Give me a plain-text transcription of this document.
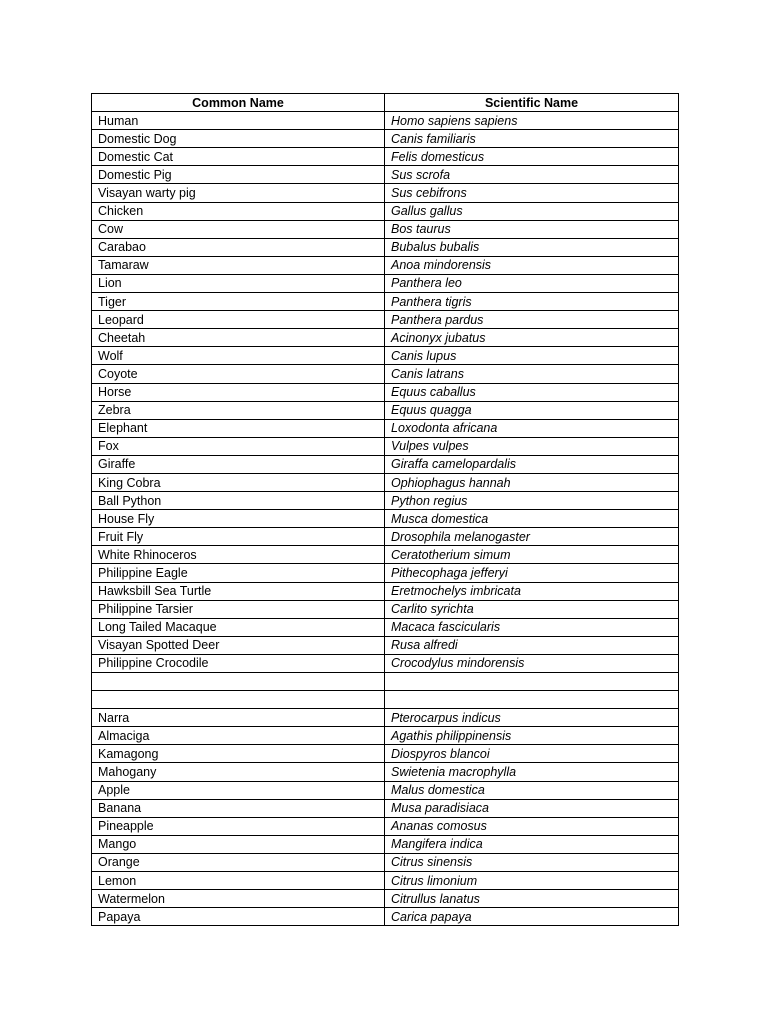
Common Name	Scientific Name
Human	Homo sapiens sapiens
Domestic Dog	Canis familiaris
Domestic Cat	Felis domesticus
Domestic Pig	Sus scrofa
Visayan warty pig	Sus cebifrons
Chicken	Gallus gallus
Cow	Bos taurus
Carabao	Bubalus bubalis
Tamaraw	Anoa mindorensis
Lion	Panthera leo
Tiger	Panthera tigris
Leopard	Panthera pardus
Cheetah	Acinonyx jubatus
Wolf	Canis lupus
Coyote	Canis latrans
Horse	Equus caballus
Zebra	Equus quagga
Elephant	Loxodonta africana
Fox	Vulpes vulpes
Giraffe	Giraffa camelopardalis
King Cobra	Ophiophagus hannah
Ball Python	Python regius
House Fly	Musca domestica
Fruit Fly	Drosophila melanogaster
White Rhinoceros	Ceratotherium simum
Philippine Eagle	Pithecophaga jefferyi
Hawksbill Sea Turtle	Eretmochelys imbricata
Philippine Tarsier	Carlito syrichta
Long Tailed Macaque	Macaca fascicularis
Visayan Spotted Deer	Rusa alfredi
Philippine Crocodile	Crocodylus mindorensis

Narra	Pterocarpus indicus
Almaciga	Agathis philippinensis
Kamagong	Diospyros blancoi
Mahogany	Swietenia macrophylla
Apple	Malus domestica
Banana	Musa paradisiaca
Pineapple	Ananas comosus
Mango	Mangifera indica
Orange	Citrus sinensis
Lemon	Citrus limonium
Watermelon	Citrullus lanatus
Papaya	Carica papaya
